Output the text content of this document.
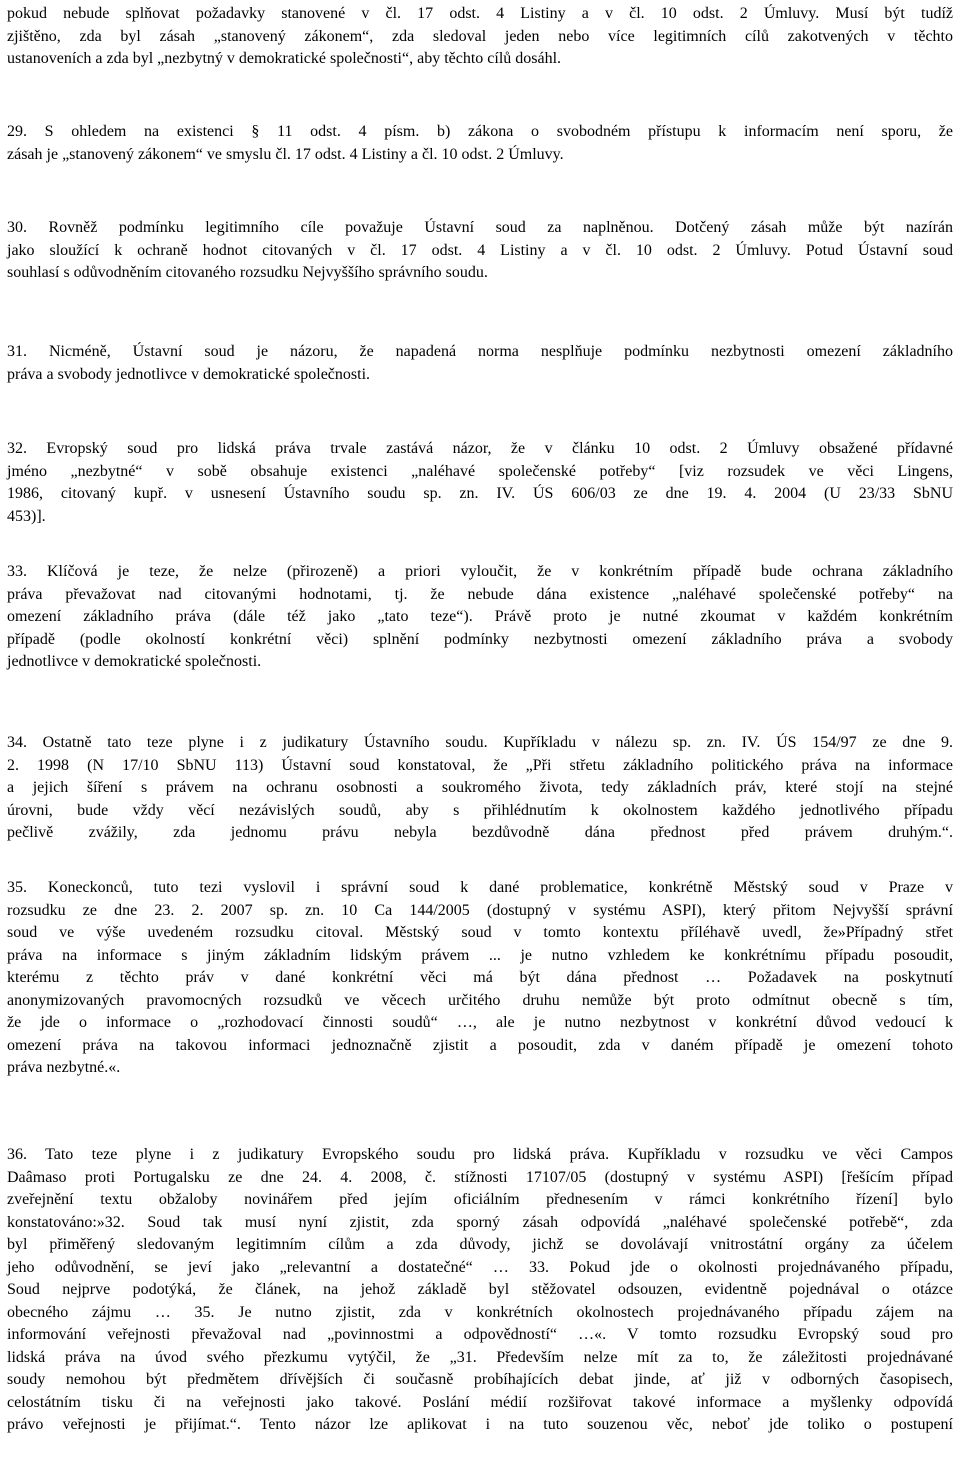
pokud nebude splňovat požadavky stanovené v čl. 17 odst. 4 Listiny a v čl. 10 odst. 2 Úmluvy. Musí být tudíž
zjištěno, zda byl zásah „stanovený zákonem“, zda sledoval jeden nebo více legitimních cílů zakotvených v těchto
ustanoveních a zda byl „nezbytný v demokratické společnosti“, aby těchto cílů dosáhl.

29. S ohledem na existenci § 11 odst. 4 písm. b) zákona o svobodném přístupu k informacím není sporu, že
zásah je „stanovený zákonem“ ve smyslu čl. 17 odst. 4 Listiny a čl. 10 odst. 2 Úmluvy.

30. Rovněž podmínku legitimního cíle považuje Ústavní soud za naplněnou. Dotčený zásah může být nazírán
jako sloužící k ochraně hodnot citovaných v čl. 17 odst. 4 Listiny a v čl. 10 odst. 2 Úmluvy. Potud Ústavní soud
souhlasí s odůvodněním citovaného rozsudku Nejvyššího správního soudu.

31. Nicméně, Ústavní soud je názoru, že napadená norma nesplňuje podmínku nezbytnosti omezení základního
práva a svobody jednotlivce v demokratické společnosti.

32. Evropský soud pro lidská práva trvale zastává názor, že v článku 10 odst. 2 Úmluvy obsažené přídavné
jméno „nezbytné“ v sobě obsahuje existenci „naléhavé společenské potřeby“ [viz rozsudek ve věci Lingens,
1986, citovaný kupř. v usnesení Ústavního soudu sp. zn. IV. ÚS 606/03 ze dne 19. 4. 2004 (U 23/33 SbNU
453)].

33. Klíčová je teze, že nelze (přirozeně) a priori vyloučit, že v konkrétním případě bude ochrana základního
práva převažovat nad citovanými hodnotami, tj. že nebude dána existence „naléhavé společenské potřeby“ na
omezení základního práva (dále též jako „tato teze“). Právě proto je nutné zkoumat v každém konkrétním
případě (podle okolností konkrétní věci) splnění podmínky nezbytnosti omezení základního práva a svobody
jednotlivce v demokratické společnosti.

34. Ostatně tato teze plyne i z judikatury Ústavního soudu. Kupříkladu v nálezu sp. zn. IV. ÚS 154/97 ze dne 9.
2. 1998 (N 17/10 SbNU 113) Ústavní soud konstatoval, že „Při střetu základního politického práva na informace
a jejich šíření s právem na ochranu osobnosti a soukromého života, tedy základních práv, které stojí na stejné
úrovni, bude vždy věcí nezávislých soudů, aby s přihlédnutím k okolnostem každého jednotlivého případu
pečlivě zvážily, zda jednomu právu nebyla bezdůvodně dána přednost před právem druhým.“.

35. Koneckonců, tuto tezi vyslovil i správní soud k dané problematice, konkrétně Městský soud v Praze v
rozsudku ze dne 23. 2. 2007 sp. zn. 10 Ca 144/2005 (dostupný v systému ASPI), který přitom Nejvyšší správní
soud ve výše uvedeném rozsudku citoval. Městský soud v tomto kontextu příléhavě uvedl, že»Případný střet
práva na informace s jiným základním lidským právem ... je nutno vzhledem ke konkrétnímu případu posoudit,
kterému z těchto práv v dané konkrétní věci má být dána přednost … Požadavek na poskytnutí
anonymizovaných pravomocných rozsudků ve věcech určitého druhu nemůže být proto odmítnut obecně s tím,
že jde o informace o „rozhodovací činnosti soudů“ …, ale je nutno nezbytnost v konkrétní důvod vedoucí k
omezení práva na takovou informaci jednoznačně zjistit a posoudit, zda v daném případě je omezení tohoto
práva nezbytné.«.

36. Tato teze plyne i z judikatury Evropského soudu pro lidská práva. Kupříkladu v rozsudku ve věci Campos
Daâmaso proti Portugalsku ze dne 24. 4. 2008, č. stížnosti 17107/05 (dostupný v systému ASPI) [řešícím případ
zveřejnění textu obžaloby novinářem před jejím oficiálním přednesením v rámci konkrétního řízení] bylo
konstatováno:»32. Soud tak musí nyní zjistit, zda sporný zásah odpovídá „naléhavé společenské potřebě“, zda
byl přiměřený sledovaným legitimním cílům a zda důvody, jichž se dovolávají vnitrostátní orgány za účelem
jeho odůvodnění, se jeví jako „relevantní a dostatečné“ … 33. Pokud jde o okolnosti projednávaného případu,
Soud nejprve podotýká, že článek, na jehož základě byl stěžovatel odsouzen, evidentně pojednával o otázce
obecného zájmu … 35. Je nutno zjistit, zda v konkrétních okolnostech projednávaného případu zájem na
informování veřejnosti převažoval nad „povinnostmi a odpovědností“ …«. V tomto rozsudku Evropský soud pro
lidská práva na úvod svého přezkumu vytýčil, že „31. Především nelze mít za to, že záležitosti projednávané
soudy nemohou být předmětem dřívějších či současně probíhajících debat jinde, ať již v odborných časopisech,
celostátním tisku či na veřejnosti jako takové. Poslání médií rozšiřovat takové informace a myšlenky odpovídá
právo veřejnosti je přijímat.“. Tento názor lze aplikovat i na tuto souzenou věc, neboť jde toliko o postupení
